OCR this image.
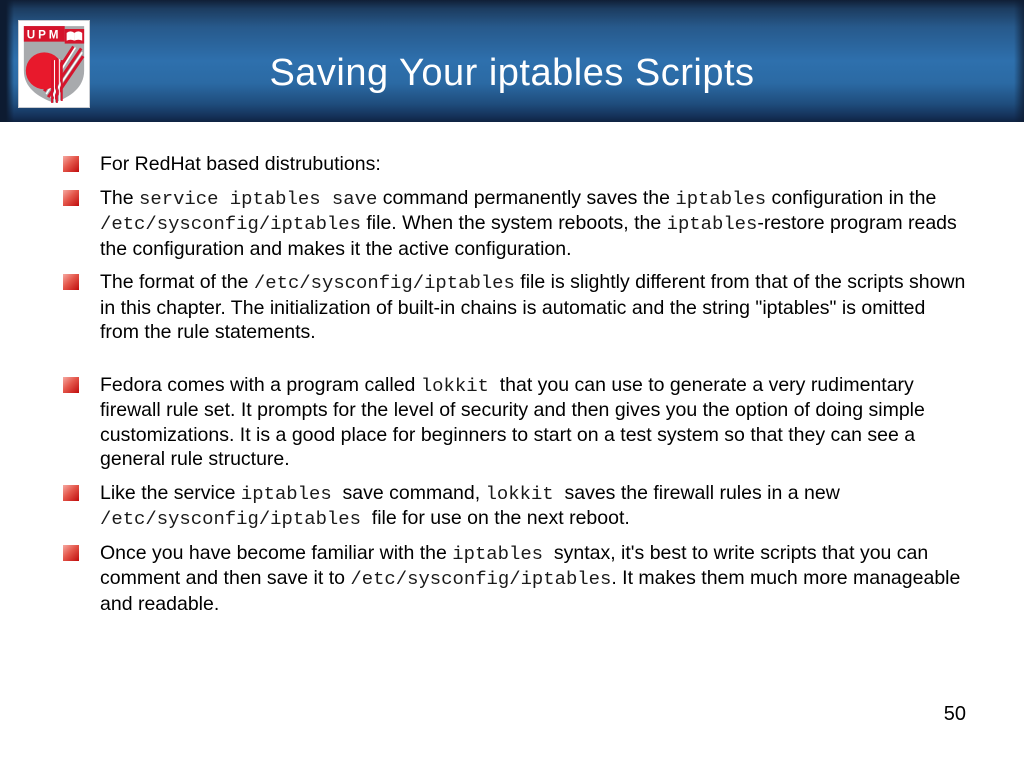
UPM
Saving Your iptables Scripts
For RedHat based distrubutions:
The service iptables save command permanently saves the iptables configuration in the /etc/sysconfig/iptables file. When the system reboots, the iptables-restore program reads the configuration and makes it the active configuration.
The format of the /etc/sysconfig/iptables file is slightly different from that of the scripts shown in this chapter. The initialization of built-in chains is automatic and the string "iptables" is omitted from the rule statements.
Fedora comes with a program called lokkit  that you can use to generate a very rudimentary firewall rule set. It prompts for the level of security and then gives you the option of doing simple customizations. It is a good place for beginners to start on a test system so that they can see a general rule structure.
Like the service iptables  save command, lokkit  saves the firewall rules in a new /etc/sysconfig/iptables  file for use on the next reboot.
Once you have become familiar with the iptables  syntax, it's best to write scripts that you can comment and then save it to /etc/sysconfig/iptables. It makes them much more manageable and readable.
50
